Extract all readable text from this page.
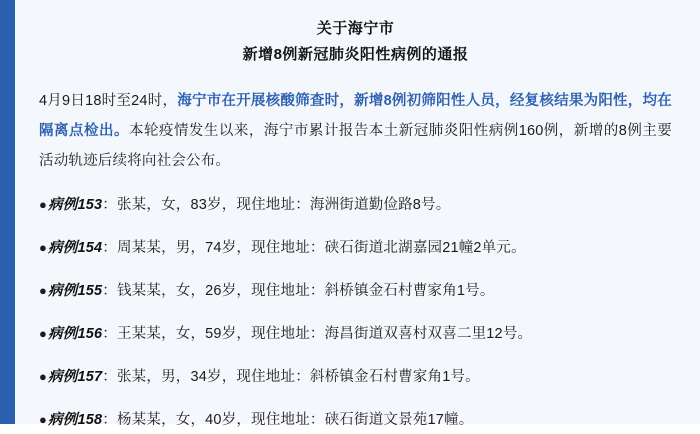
关于海宁市
新增8例新冠肺炎阳性病例的通报

4月9日18时至24时，海宁市在开展核酸筛查时，新增8例初筛阳性人员，经复核结果为阳性，均在隔离点检出。本轮疫情发生以来，海宁市累计报告本土新冠肺炎阳性病例160例，新增的8例主要活动轨迹后续将向社会公布。

●病例153：张某，女，83岁，现住地址：海洲街道勤俭路8号。
●病例154：周某某，男，74岁，现住地址：硖石街道北湖嘉园21幢2单元。
●病例155：钱某某，女，26岁，现住地址：斜桥镇金石村曹家角1号。
●病例156：王某某，女，59岁，现住地址：海昌街道双喜村双喜二里12号。
●病例157：张某，男，34岁，现住地址：斜桥镇金石村曹家角1号。
●病例158：杨某某，女，40岁，现住地址：硖石街道文景苑17幢。
